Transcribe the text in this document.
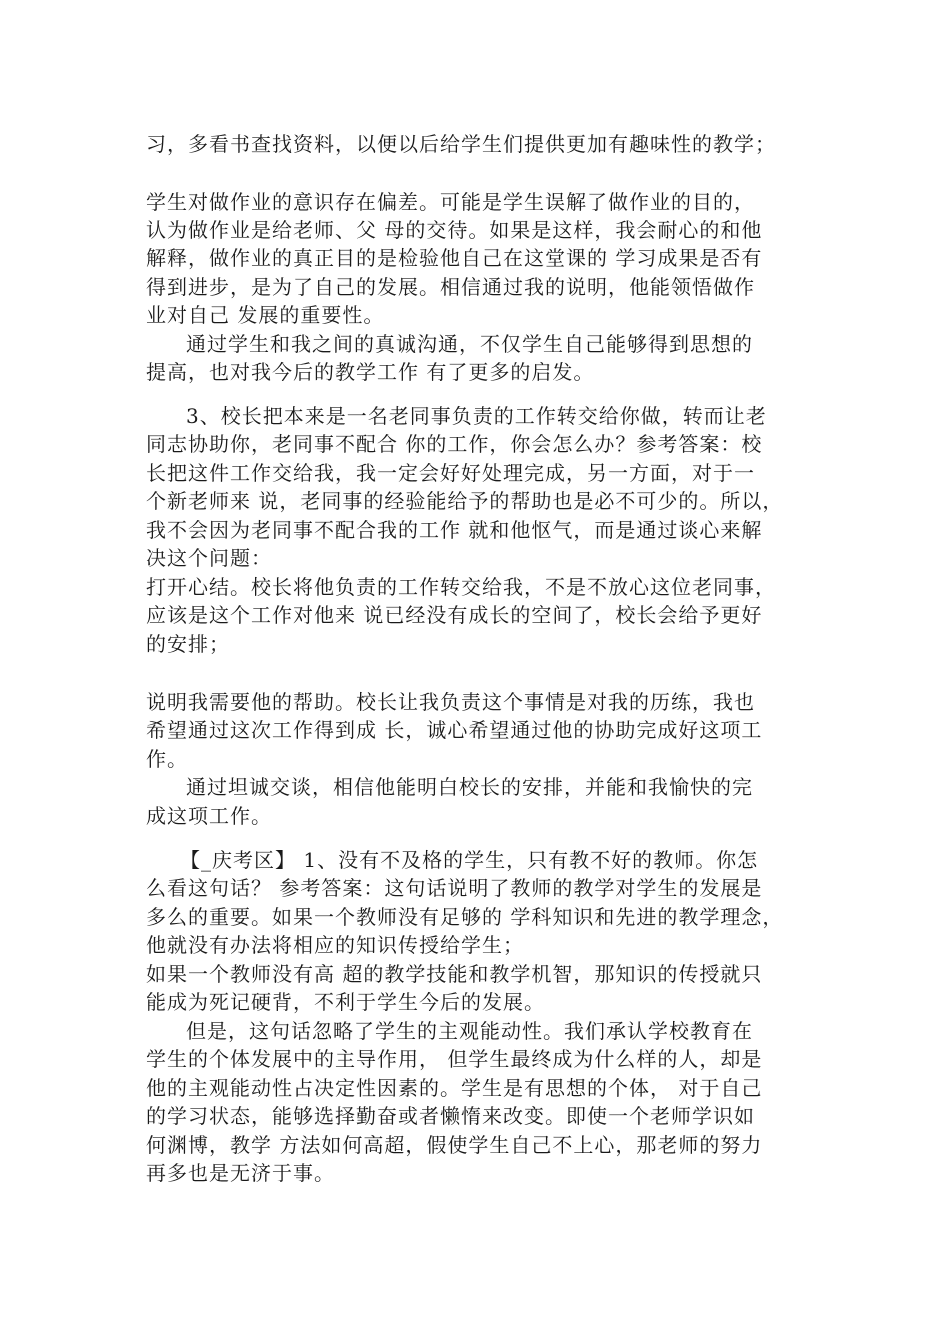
习，多看书查找资料，以便以后给学生们提供更加有趣味性的教学；
学生对做作业的意识存在偏差。可能是学生误解了做作业的目的，
认为做作业是给老师、父 母的交待。如果是这样，我会耐心的和他
解释，做作业的真正目的是检验他自己在这堂课的 学习成果是否有
得到进步，是为了自己的发展。相信通过我的说明，他能领悟做作
业对自己 发展的重要性。
通过学生和我之间的真诚沟通，不仅学生自己能够得到思想的
提高，也对我今后的教学工作 有了更多的启发。
3、校长把本来是一名老同事负责的工作转交给你做，转而让老
同志协助你，老同事不配合 你的工作，你会怎么办？参考答案：校
长把这件工作交给我，我一定会好好处理完成，另一方面，对于一
个新老师来 说，老同事的经验能给予的帮助也是必不可少的。所以，
我不会因为老同事不配合我的工作 就和他怄气，而是通过谈心来解
决这个问题：
打开心结。校长将他负责的工作转交给我，不是不放心这位老同事，
应该是这个工作对他来 说已经没有成长的空间了，校长会给予更好
的安排；
说明我需要他的帮助。校长让我负责这个事情是对我的历练，我也
希望通过这次工作得到成 长，诚心希望通过他的协助完成好这项工
作。
通过坦诚交谈，相信他能明白校长的安排，并能和我愉快的完
成这项工作。
【_庆考区】 1、没有不及格的学生，只有教不好的教师。你怎
么看这句话？ 参考答案：这句话说明了教师的教学对学生的发展是
多么的重要。如果一个教师没有足够的 学科知识和先进的教学理念，
他就没有办法将相应的知识传授给学生；
如果一个教师没有高 超的教学技能和教学机智，那知识的传授就只
能成为死记硬背，不利于学生今后的发展。
但是，这句话忽略了学生的主观能动性。我们承认学校教育在
学生的个体发展中的主导作用， 但学生最终成为什么样的人，却是
他的主观能动性占决定性因素的。学生是有思想的个体， 对于自己
的学习状态，能够选择勤奋或者懒惰来改变。即使一个老师学识如
何渊博，教学 方法如何高超，假使学生自己不上心，那老师的努力
再多也是无济于事。
